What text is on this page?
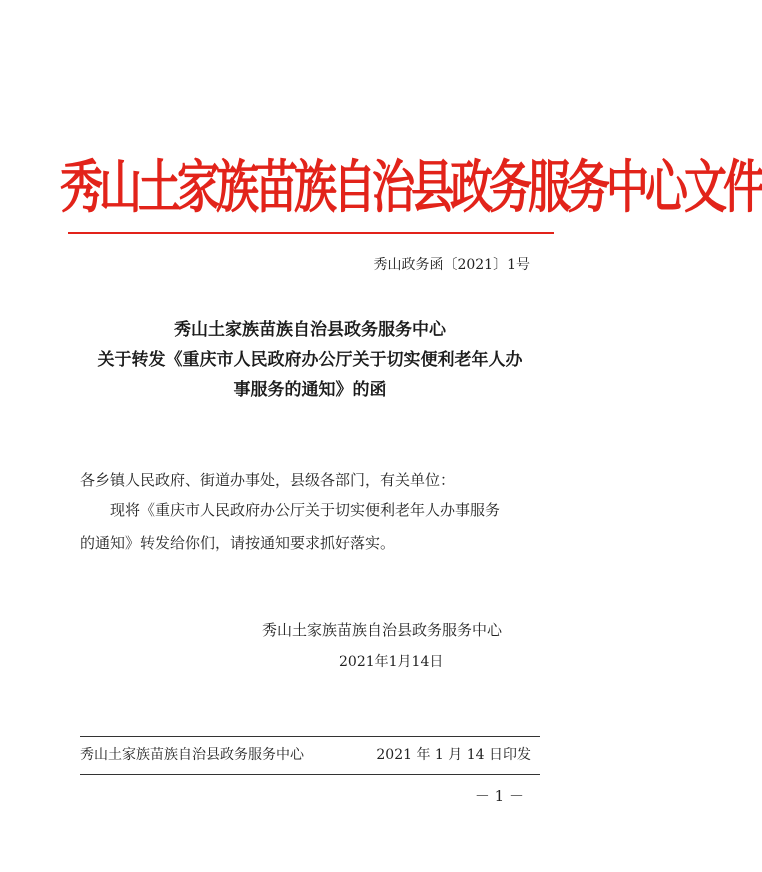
秀山土家族苗族自治县政务服务中心文件
秀山政务函〔2021〕1号
秀山土家族苗族自治县政务服务中心
关于转发《重庆市人民政府办公厅关于切实便利老年人办
事服务的通知》的函
各乡镇人民政府、街道办事处，县级各部门，有关单位：
现将《重庆市人民政府办公厅关于切实便利老年人办事服务
的通知》转发给你们，请按通知要求抓好落实。
秀山土家族苗族自治县政务服务中心
2021年1月14日
秀山土家族苗族自治县政务服务中心	2021 年 1 月 14 日印发
－ 1 －
